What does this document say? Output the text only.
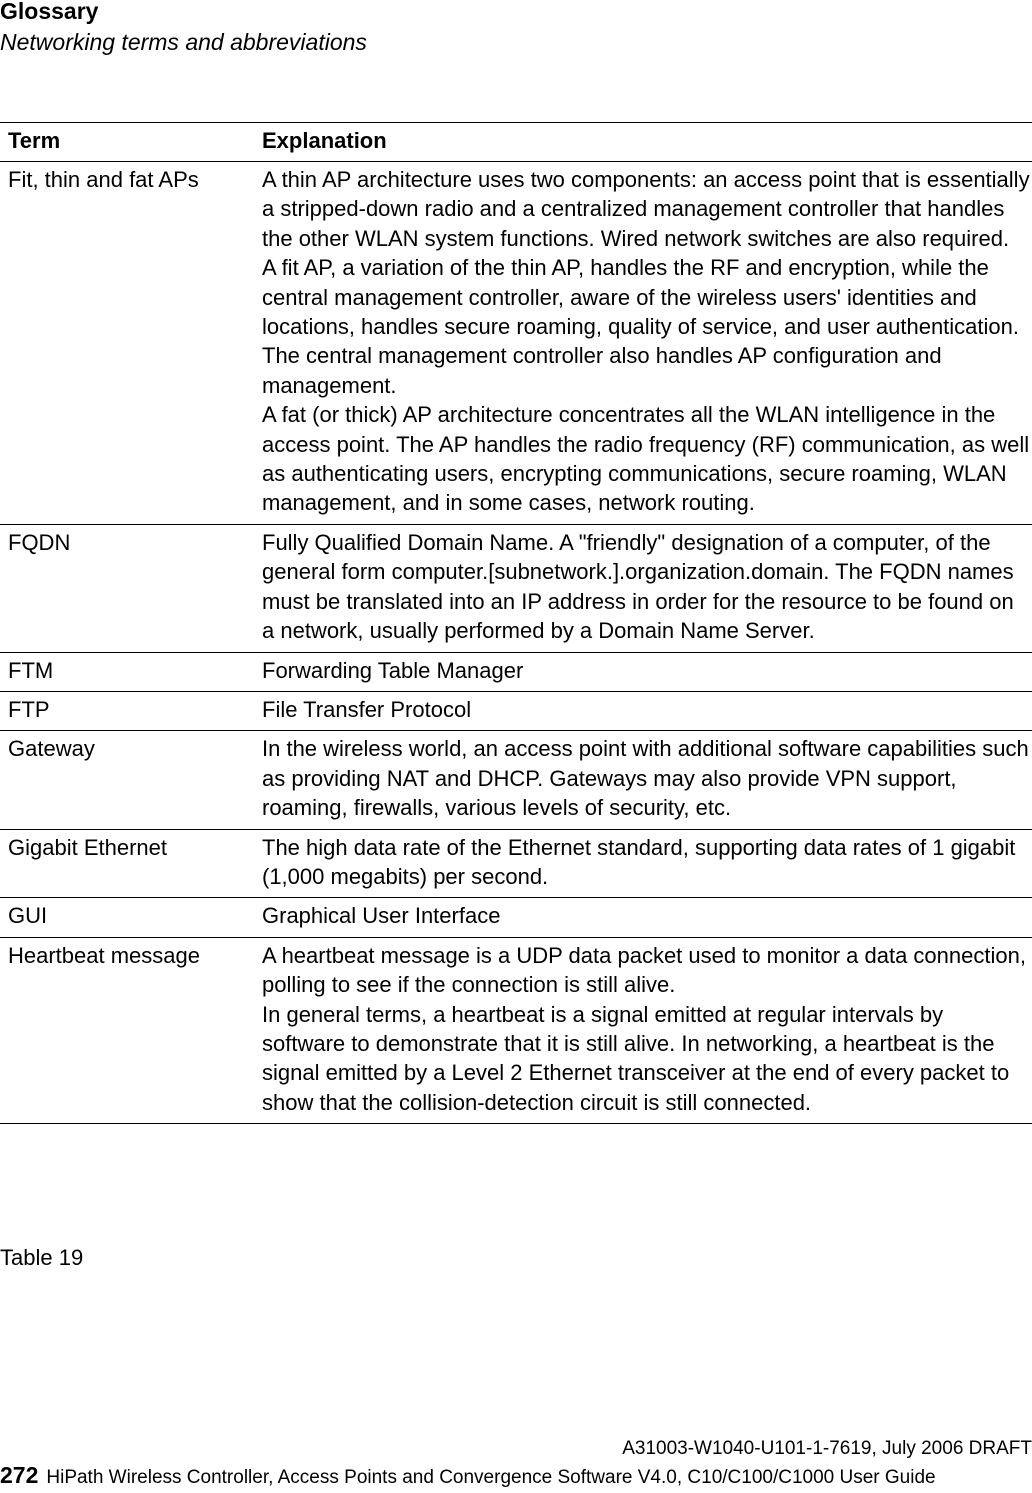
Glossary
Networking terms and abbreviations
Term	Explanation
Fit, thin and fat APs	A thin AP architecture uses two components: an access point that is essentially a stripped-down radio and a centralized management controller that handles the other WLAN system functions. Wired network switches are also required.
A fit AP, a variation of the thin AP, handles the RF and encryption, while the central management controller, aware of the wireless users' identities and locations, handles secure roaming, quality of service, and user authentication. The central management controller also handles AP configuration and management.
A fat (or thick) AP architecture concentrates all the WLAN intelligence in the access point. The AP handles the radio frequency (RF) communication, as well as authenticating users, encrypting communications, secure roaming, WLAN management, and in some cases, network routing.

FQDN	Fully Qualified Domain Name. A "friendly" designation of a computer, of the general form computer.[subnetwork.].organization.domain. The FQDN names must be translated into an IP address in order for the resource to be found on a network, usually performed by a Domain Name Server.

FTM	Forwarding Table Manager

FTP	File Transfer Protocol

Gateway	In the wireless world, an access point with additional software capabilities such as providing NAT and DHCP. Gateways may also provide VPN support, roaming, firewalls, various levels of security, etc.

Gigabit Ethernet	The high data rate of the Ethernet standard, supporting data rates of 1 gigabit (1,000 megabits) per second.

GUI	Graphical User Interface

Heartbeat message	A heartbeat message is a UDP data packet used to monitor a data connection, polling to see if the connection is still alive.
In general terms, a heartbeat is a signal emitted at regular intervals by software to demonstrate that it is still alive. In networking, a heartbeat is the signal emitted by a Level 2 Ethernet transceiver at the end of every packet to show that the collision-detection circuit is still connected.
Table 19
A31003-W1040-U101-1-7619, July 2006 DRAFT
272 HiPath Wireless Controller, Access Points and Convergence Software V4.0, C10/C100/C1000 User Guide
